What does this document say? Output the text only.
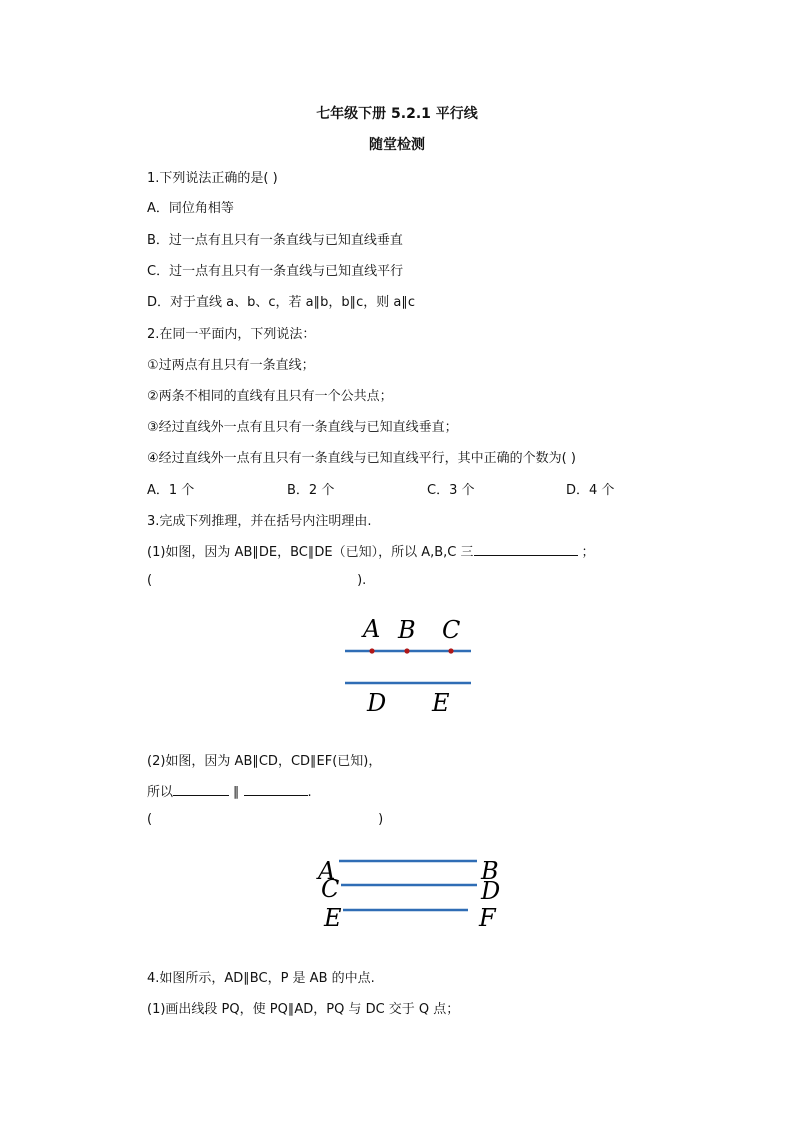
七年级下册 5.2.1 平行线
随堂检测
1.下列说法正确的是( )
A．同位角相等
B．过一点有且只有一条直线与已知直线垂直
C．过一点有且只有一条直线与已知直线平行
D．对于直线 a、b、c，若 a∥b，b∥c，则 a∥c
2.在同一平面内，下列说法：
①过两点有且只有一条直线；
②两条不相同的直线有且只有一个公共点；
③经过直线外一点有且只有一条直线与已知直线垂直；
④经过直线外一点有且只有一条直线与已知直线平行，其中正确的个数为( )
A．1 个	B．2 个	C．3 个	D．4 个
3.完成下列推理，并在括号内注明理由.
(1)如图，因为 AB∥DE，BC∥DE（已知），所以 A,B,C 三	；
(	).
A B C
D E
(2)如图，因为 AB∥CD，CD∥EF(已知)，
所以	∥	.
(	)
A	B
C	D
E	F
4.如图所示，AD∥BC，P 是 AB 的中点.
(1)画出线段 PQ，使 PQ∥AD，PQ 与 DC 交于 Q 点；
